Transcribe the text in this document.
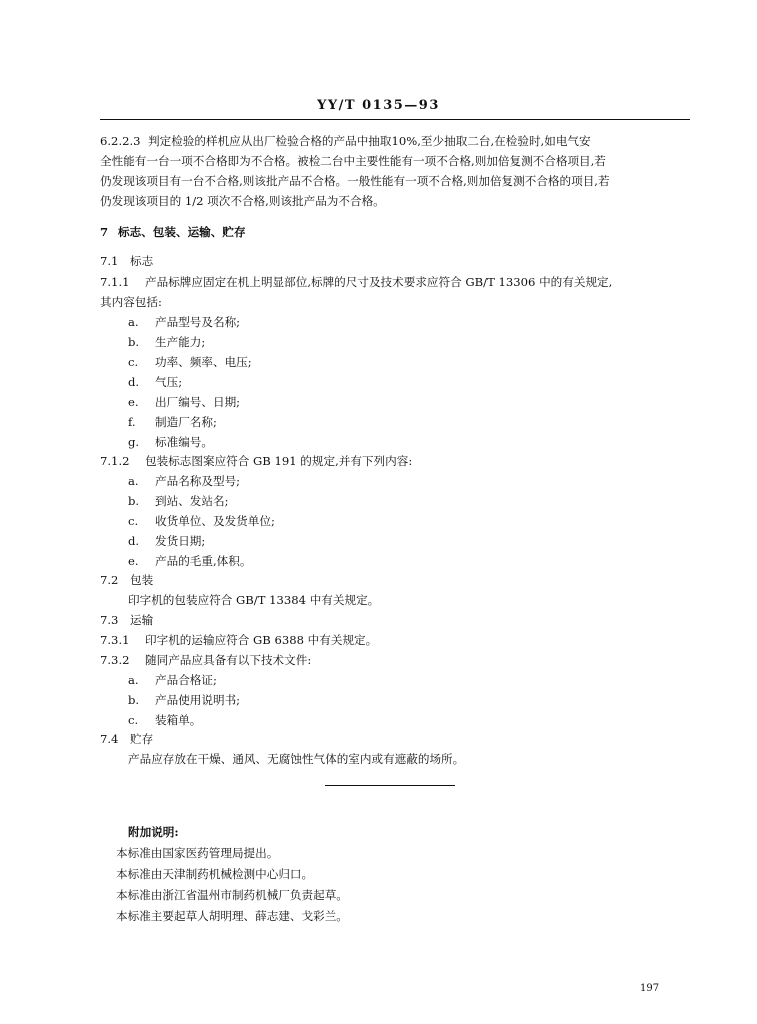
YY/T 0135—93
6.2.2.3 判定检验的样机应从出厂检验合格的产品中抽取10%,至少抽取二台,在检验时,如电气安
全性能有一台一项不合格即为不合格。被检二台中主要性能有一项不合格,则加倍复测不合格项目,若
仍发现该项目有一台不合格,则该批产品不合格。一般性能有一项不合格,则加倍复测不合格的项目,若
仍发现该项目的 1/2 项次不合格,则该批产品为不合格。
7 标志、包装、运输、贮存
7.1 标志
7.1.1 产品标牌应固定在机上明显部位,标牌的尺寸及技术要求应符合 GB/T 13306 中的有关规定,
其内容包括:
a. 产品型号及名称;
b. 生产能力;
c. 功率、频率、电压;
d. 气压;
e. 出厂编号、日期;
f. 制造厂名称;
g. 标准编号。
7.1.2 包装标志图案应符合 GB 191 的规定,并有下列内容:
a. 产品名称及型号;
b. 到站、发站名;
c. 收货单位、及发货单位;
d. 发货日期;
e. 产品的毛重,体积。
7.2 包装
印字机的包装应符合 GB/T 13384 中有关规定。
7.3 运输
7.3.1 印字机的运输应符合 GB 6388 中有关规定。
7.3.2 随同产品应具备有以下技术文件:
a. 产品合格证;
b. 产品使用说明书;
c. 装箱单。
7.4 贮存
产品应存放在干燥、通风、无腐蚀性气体的室内或有遮蔽的场所。
附加说明:
本标准由国家医药管理局提出。
本标准由天津制药机械检测中心归口。
本标准由浙江省温州市制药机械厂负责起草。
本标准主要起草人胡明理、薛志建、戈彩兰。
197
